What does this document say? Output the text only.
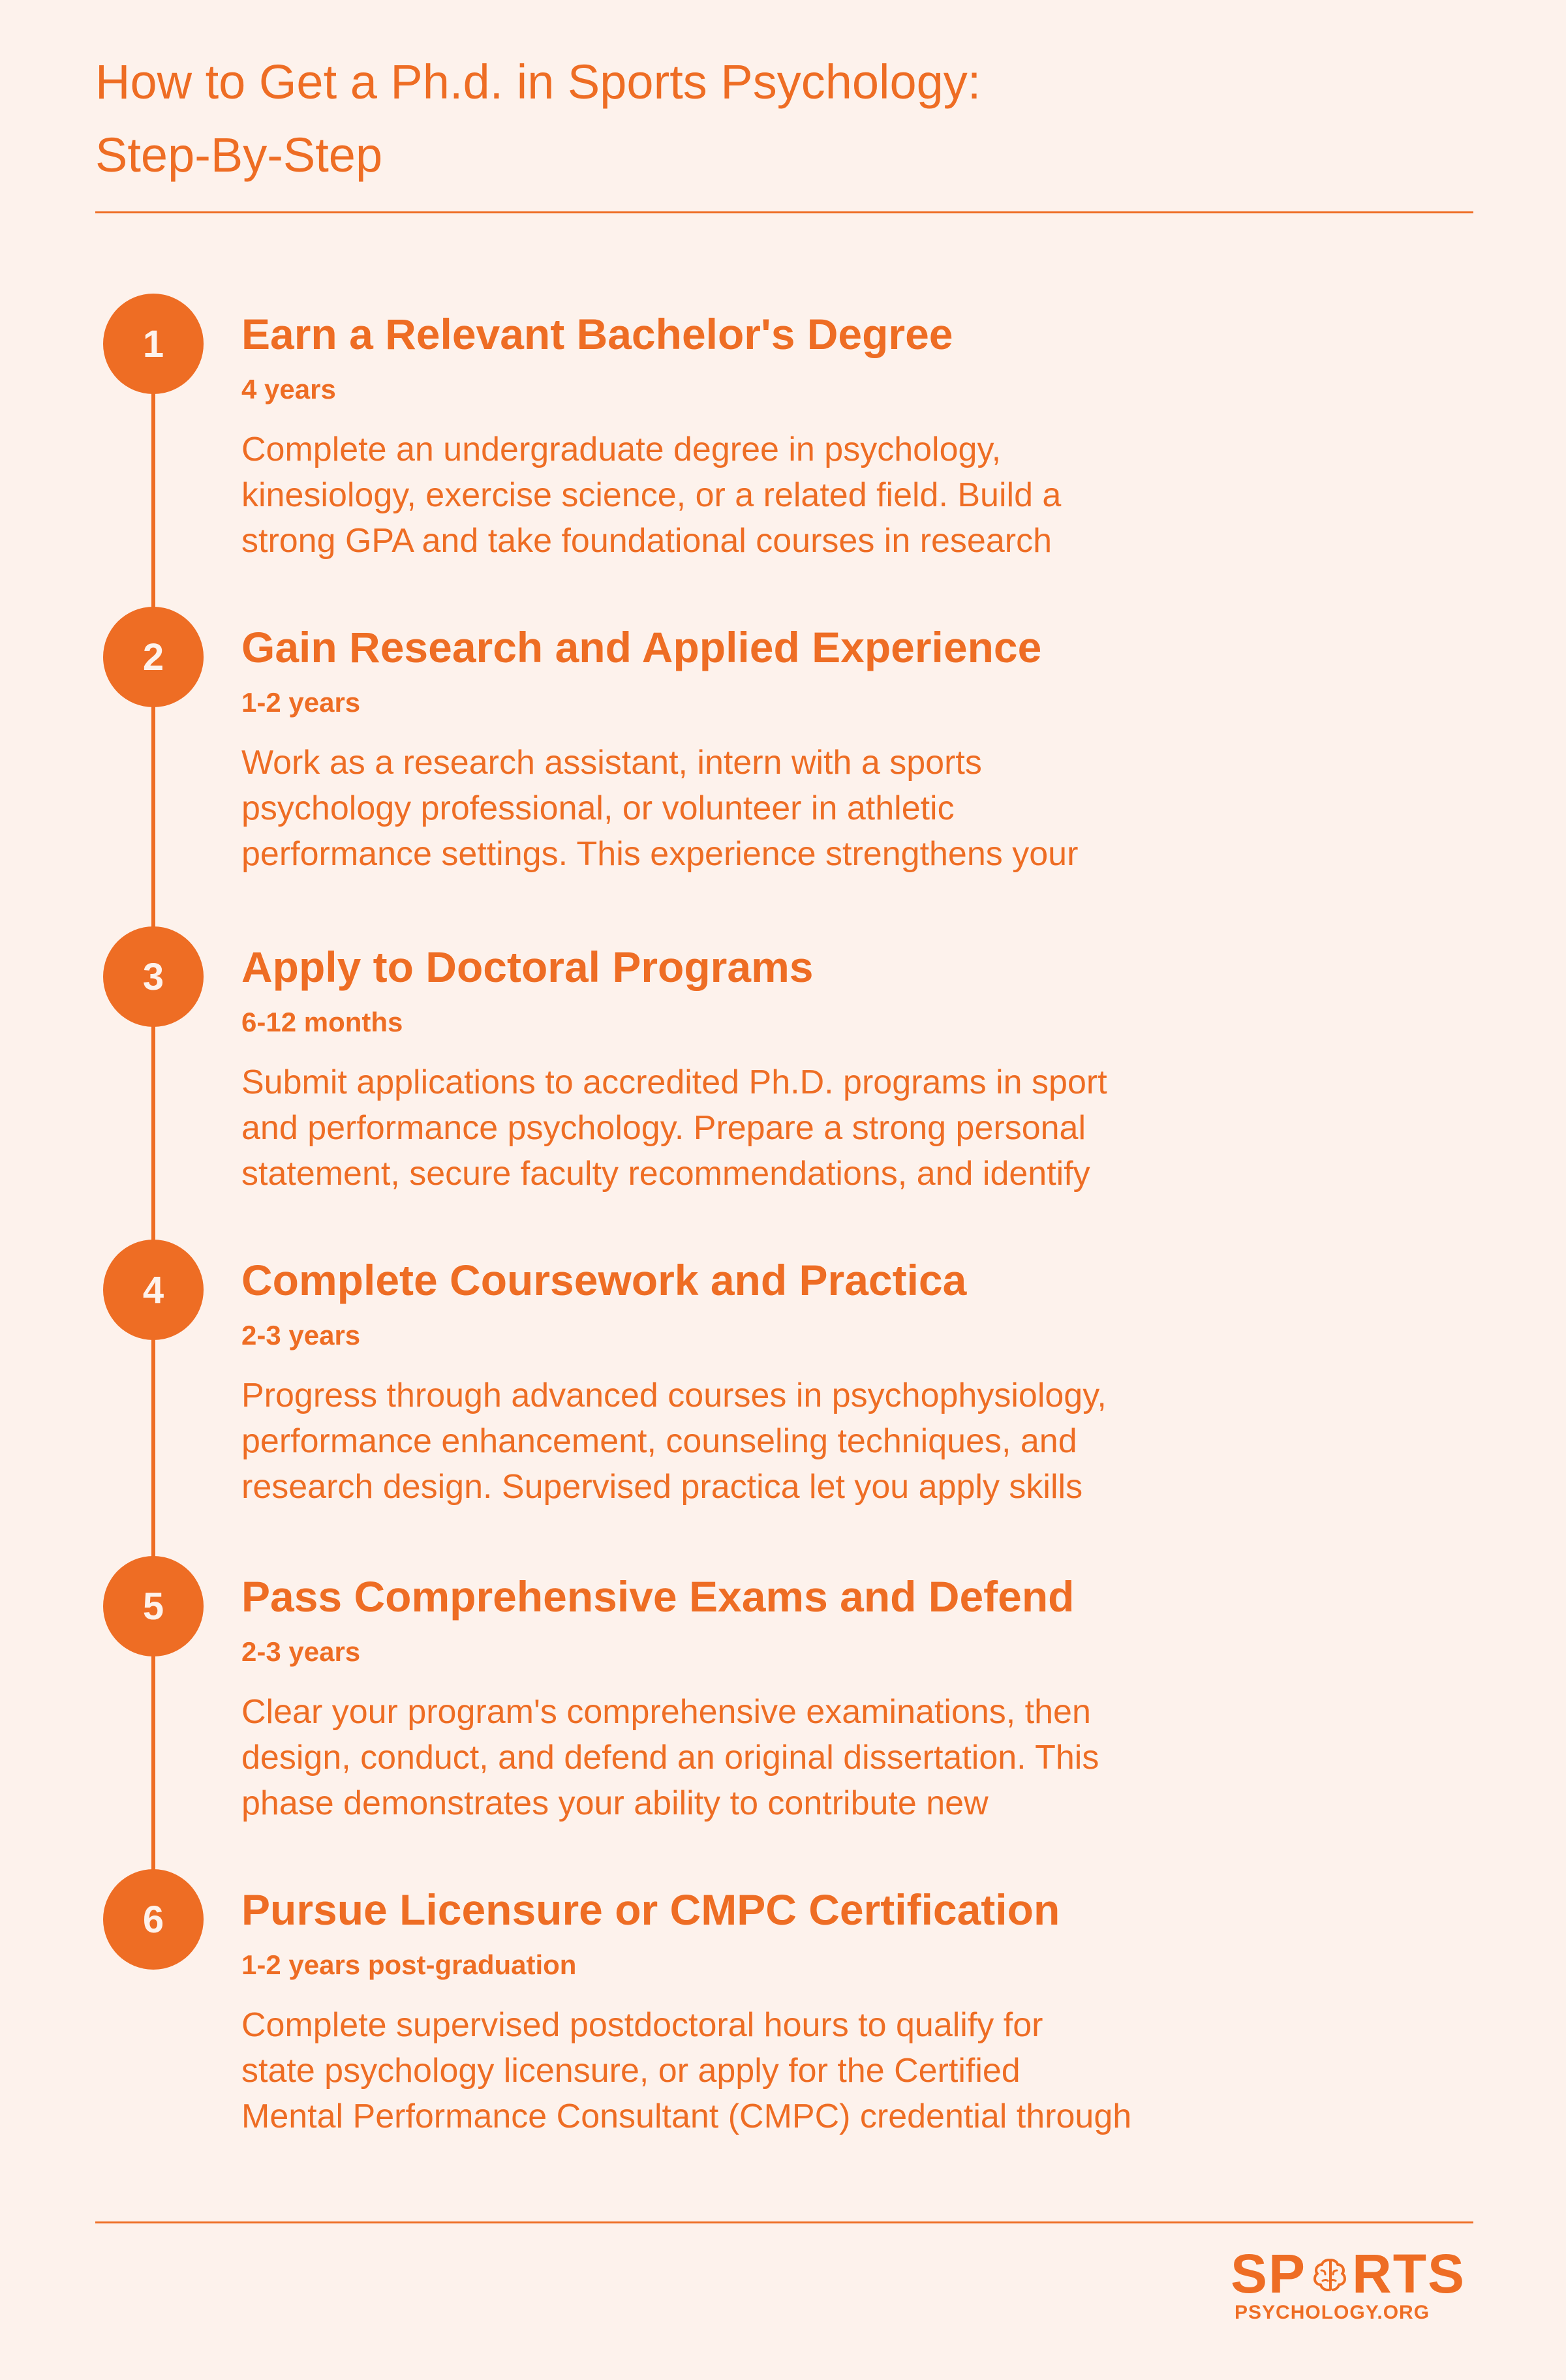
How to Get a Ph.d. in Sports Psychology:
Step-By-Step
1	Earn a Relevant Bachelor's Degree
4 years
Complete an undergraduate degree in psychology,
kinesiology, exercise science, or a related field. Build a
strong GPA and take foundational courses in research
2	Gain Research and Applied Experience
1-2 years
Work as a research assistant, intern with a sports
psychology professional, or volunteer in athletic
performance settings. This experience strengthens your
3	Apply to Doctoral Programs
6-12 months
Submit applications to accredited Ph.D. programs in sport
and performance psychology. Prepare a strong personal
statement, secure faculty recommendations, and identify
4	Complete Coursework and Practica
2-3 years
Progress through advanced courses in psychophysiology,
performance enhancement, counseling techniques, and
research design. Supervised practica let you apply skills
5	Pass Comprehensive Exams and Defend
2-3 years
Clear your program's comprehensive examinations, then
design, conduct, and defend an original dissertation. This
phase demonstrates your ability to contribute new
6	Pursue Licensure or CMPC Certification
1-2 years post-graduation
Complete supervised postdoctoral hours to qualify for
state psychology licensure, or apply for the Certified
Mental Performance Consultant (CMPC) credential through
SP RTS
PSYCHOLOGY.ORG
